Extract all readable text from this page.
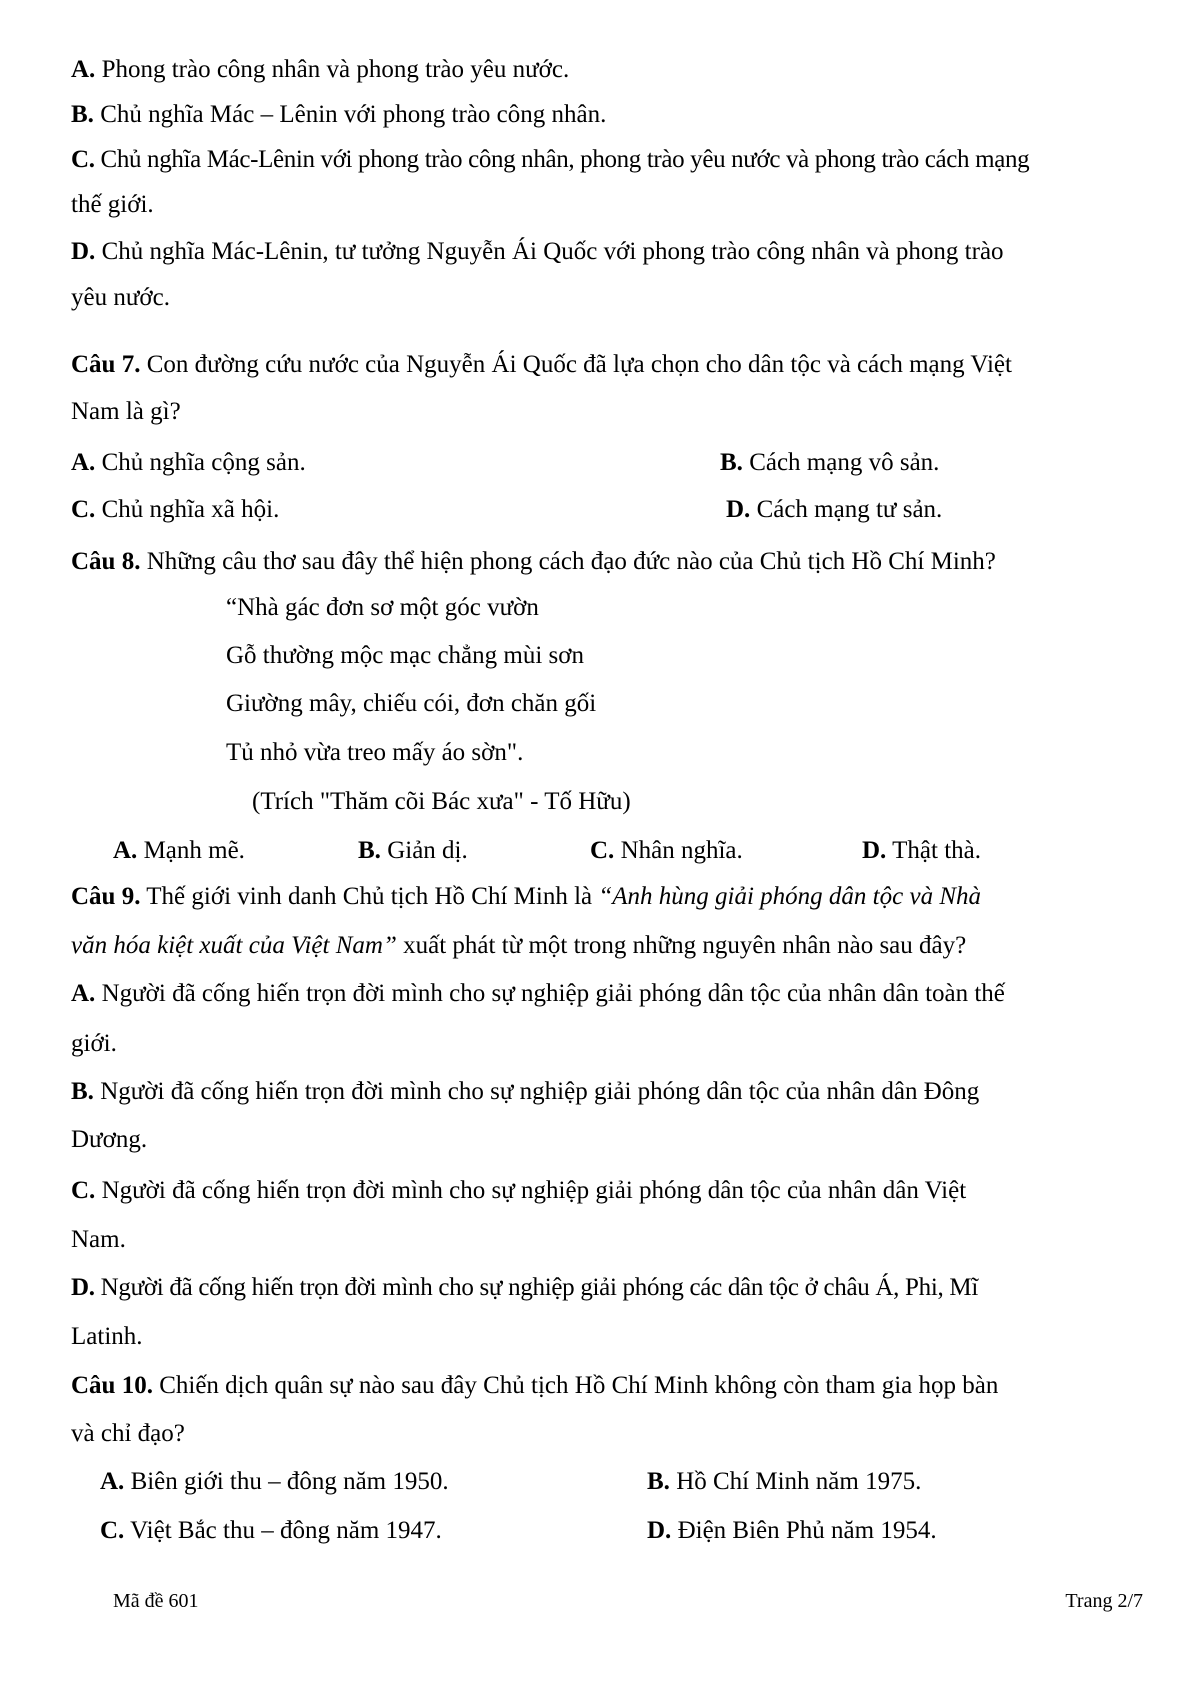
A. Phong trào công nhân và phong trào yêu nước.
B. Chủ nghĩa Mác – Lênin với phong trào công nhân.
C. Chủ nghĩa Mác-Lênin với phong trào công nhân, phong trào yêu nước và phong trào cách mạng
thế giới.
D. Chủ nghĩa Mác-Lênin, tư tưởng Nguyễn Ái Quốc với phong trào công nhân và phong trào
yêu nước.
Câu 7. Con đường cứu nước của Nguyễn Ái Quốc đã lựa chọn cho dân tộc và cách mạng Việt
Nam là gì?
A. Chủ nghĩa cộng sản.	B. Cách mạng vô sản.
C. Chủ nghĩa xã hội.	D. Cách mạng tư sản.
Câu 8. Những câu thơ sau đây thể hiện phong cách đạo đức nào của Chủ tịch Hồ Chí Minh?
“Nhà gác đơn sơ một góc vườn
Gỗ thường mộc mạc chẳng mùi sơn
Giường mây, chiếu cói, đơn chăn gối
Tủ nhỏ vừa treo mấy áo sờn".
(Trích "Thăm cõi Bác xưa" - Tố Hữu)
A. Mạnh mẽ.	B. Giản dị.	C. Nhân nghĩa.	D. Thật thà.
Câu 9. Thế giới vinh danh Chủ tịch Hồ Chí Minh là “Anh hùng giải phóng dân tộc và Nhà
văn hóa kiệt xuất của Việt Nam” xuất phát từ một trong những nguyên nhân nào sau đây?
A. Người đã cống hiến trọn đời mình cho sự nghiệp giải phóng dân tộc của nhân dân toàn thế
giới.
B. Người đã cống hiến trọn đời mình cho sự nghiệp giải phóng dân tộc của nhân dân Đông
Dương.
C. Người đã cống hiến trọn đời mình cho sự nghiệp giải phóng dân tộc của nhân dân Việt
Nam.
D. Người đã cống hiến trọn đời mình cho sự nghiệp giải phóng các dân tộc ở châu Á, Phi, Mĩ
Latinh.
Câu 10. Chiến dịch quân sự nào sau đây Chủ tịch Hồ Chí Minh không còn tham gia họp bàn
và chỉ đạo?
A. Biên giới thu – đông năm 1950.	B. Hồ Chí Minh năm 1975.
C. Việt Bắc thu – đông năm 1947.	D. Điện Biên Phủ năm 1954.
Mã đề 601	Trang 2/7
